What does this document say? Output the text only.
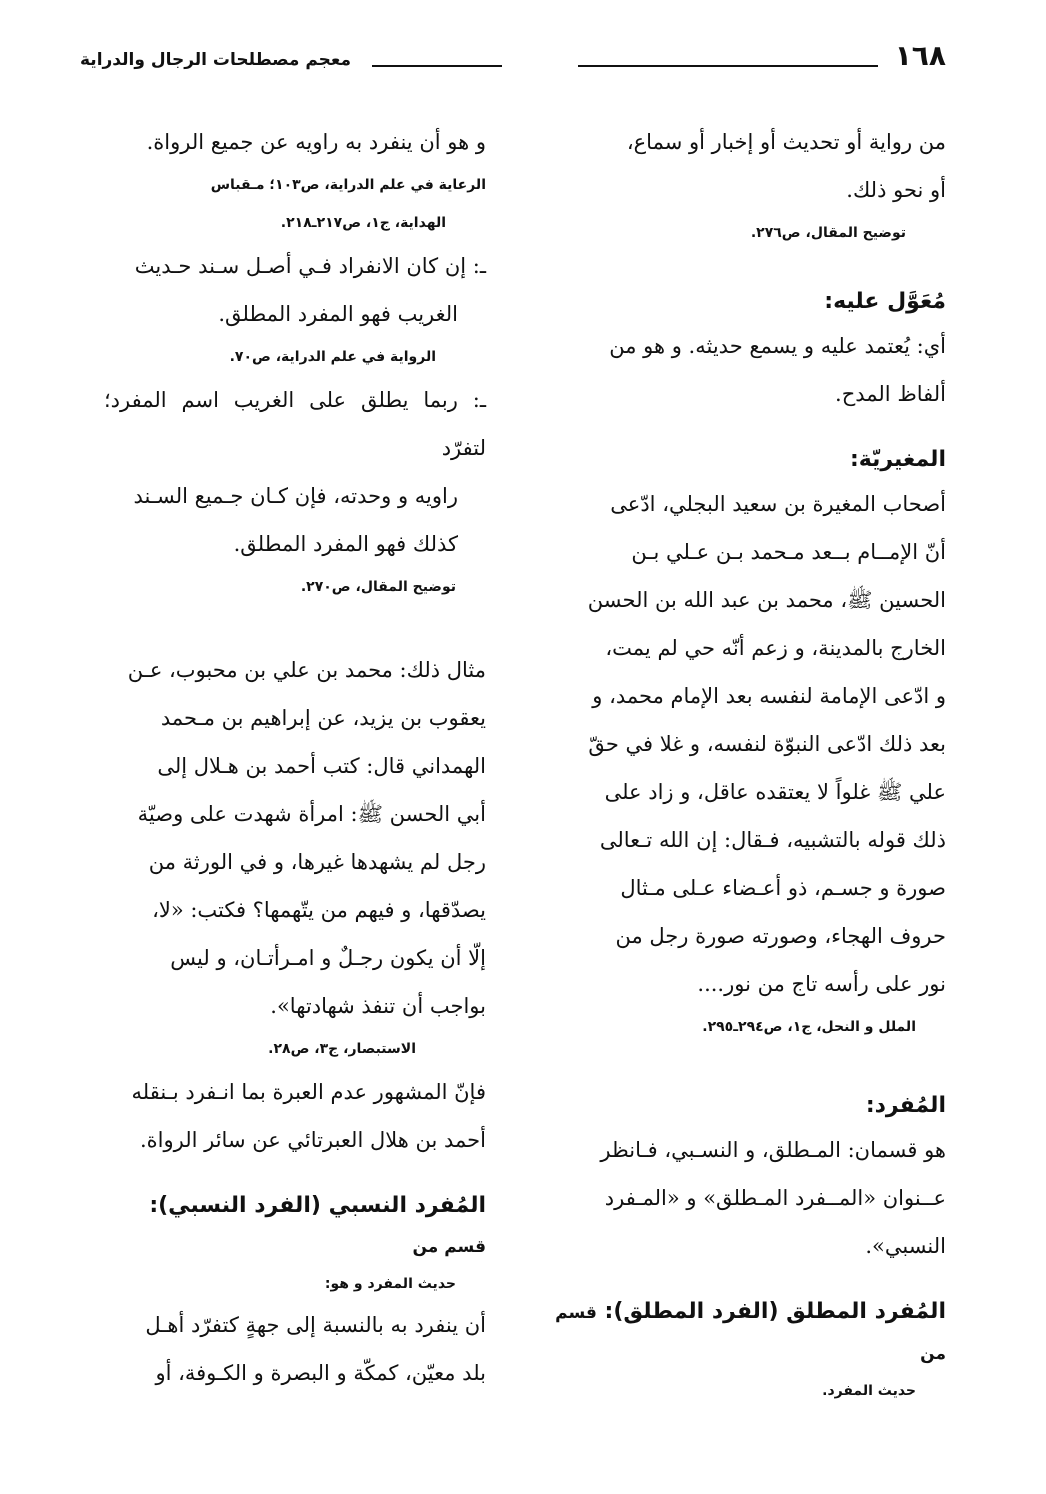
١٦٨
معجم مصطلحات الرجال والدراية

من رواية أو تحديث أو إخبار أو سماع،

أو نحو ذلك.

توضيح المقال، ص٢٧٦.

مُعَوَّل عليه:

أي: يُعتمد عليه و يسمع حديثه. و هو من

ألفاظ المدح.

المغيريّة:

أصحاب المغيرة بن سعيد البجلي، ادّعى

أنّ الإمــام بــعد مـحمد بـن عـلي بـن

الحسين ﷺ، محمد بن عبد الله بن الحسن

الخارج بالمدينة، و زعم أنّه حي لم يمت،

و ادّعى الإمامة لنفسه بعد الإمام محمد، و

بعد ذلك ادّعى النبوّة لنفسه، و غلا في حقّ

علي ﷺ غلواً لا يعتقده عاقل، و زاد على

ذلك قوله بالتشبيه، فـقال: إن الله تـعالى

صورة و جسـم، ذو أعـضاء عـلى مـثال

حروف الهجاء، وصورته صورة رجل من

نور على رأسه تاج من نور....

الملل و النحل، ج١، ص٢٩٤ـ٢٩٥.

المُفرد:

هو قسمان: المـطلق، و النسـبي، فـانظر

عــنوان «المــفرد المـطلق» و «المـفرد

النسبي».

المُفرد المطلق (الفرد المطلق): قسم من

حديث المفرد.

و هو أن ينفرد به راويه عن جميع الرواة.

الرعاية في علم الدراية، ص١٠٣؛ مـقباس

الهداية، ج١، ص٢١٧ـ٢١٨.

ـ: إن كان الانفراد فـي أصـل سـند حـديث

الغريب فهو المفرد المطلق.

الرواية في علم الدراية، ص٧٠.

ـ: ربما يطلق على الغريب اسم المفرد؛ لتفرّد

راويه و وحدته، فإن كـان جـميع السـند

كذلك فهو المفرد المطلق.

توضيح المقال، ص٢٧٠.

مثال ذلك: محمد بن علي بن محبوب، عـن

يعقوب بن يزيد، عن إبراهيم بن مـحمد

الهمداني قال: كتب أحمد بن هـلال إلى

أبي الحسن ﷺ: امرأة شهدت على وصيّة

رجل لم يشهدها غيرها، و في الورثة من

يصدّقها، و فيهم من يتّهمها؟ فكتب: «لا،

إلّا أن يكون رجـلٌ و امـرأتـان، و ليس

بواجب أن تنفذ شهادتها».

الاستبصار، ج٣، ص٢٨.

فإنّ المشهور عدم العبرة بما انـفرد بـنقله

أحمد بن هلال العبرتائي عن سائر الرواة.

المُفرد النسبي (الفرد النسبي): قسم من

حديث المفرد و هو:

أن ينفرد به بالنسبة إلى جهةٍ كتفرّد أهـل

بلد معيّن، كمكّة و البصرة و الكـوفة، أو
